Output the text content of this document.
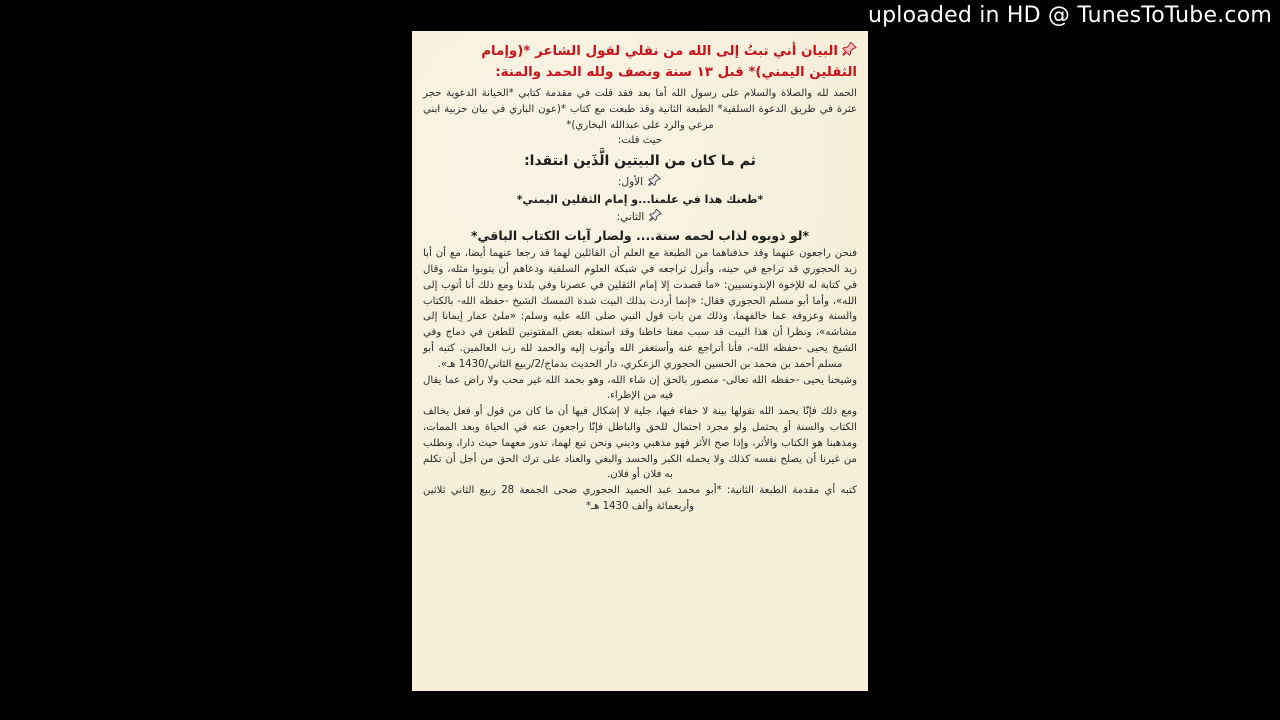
uploaded in HD @ TunesToTube.com
البيان أني تبتُ إلى الله من نقلي لقول الشاعر *(وإمام
الثقلين اليمني)* قبل ١٣ سنة ونصف ولله الحمد والمنة:

الحمد لله والصلاة والسلام على رسول الله أما بعد فقد قلت في مقدمة كتابي *الخيانة الدعوية حجر عثرة في طريق الدعوة السلفية* الطبعة الثانية وقد طبعت مع كتاب *(عون الباري في بيان حزبية ابني مرعي والرد على عبدالله البخاري)*

حيث قلت:

ثم ما كان من البيتين الَّذَين انتقدا:
الأول:
*طعنك هذا في علمنا...و إمام الثقلين اليمني*
الثاني:
*لو ذوبوه لذاب لحمه سنة.... ولصار آيات الكتاب الباقي*

فنحن راجعون عنهما وقد حذفناهما من الطبعة مع العلم أن القائلين لهما قد رجعا عنهما أيضا، مع أن أبا زيد الحجوري قد تراجع في حينه، وأنزل تراجعه في شبكة العلوم السلفية ودعاهم أن يتوبوا مثله، وقال في كتابة له للإخوة الإندونسيين: «ما قصدت إلا إمام الثقلين في عصرنا وفي بلدنا ومع ذلك أنا أتوب إلى الله»، وأما أبو مسلم الحجوري فقال: «إنما أردت بذلك البيت شدة التمسك الشيخ -حفظه الله- بالكتاب والسنة وعزوفه عما خالفهما، وذلك من باب قول النبي صلى الله عليه وسلم: «ملئ عمار إيمانا إلى مشاشه»، ونظرا أن هذا البيت قد سبب معنا خاطنا وقد استغله بعض المفتونين للطعن في دماج وفي الشيخ يحيى -حفظه الله-، فأنا أتراجع عنه وأستغفر الله وأتوب إليه والحمد لله رب العالمين. كتبه أبو مسلم أحمد بن محمد بن الحسين الحجوري الزعكري، دار الحديث بدماج/2/ربيع الثاني/1430 هـ».

وشيخنا يحيى -حفظه الله تعالى- منصور بالحق إن شاء الله، وهو بحمد الله غير محب ولا راض عما يقال فيه من الإطراء.

ومع ذلك فإنّا بحمد الله نقولها بينة لا خفاء فيها، جلية لا إشكال فيها أن ما كان من قول أو فعل يخالف الكتاب والسنة أو يحتمل ولو مجرد احتمال للحق والباطل فإنّا راجعون عنه في الحياة وبعد الممات، ومذهبنا هو الكتاب والأثر، وإذا صح الأثر فهو مذهبي وديني ونحن تبع لهما، ندور معهما حيث دارا، ونطلب من غيرنا أن يصلح نفسه كذلك ولا يحمله الكبر والحسد والبغي والعناد على ترك الحق من أجل أن تكلم به فلان أو فلان.

كتبه أي مقدمة الطبعة الثانية: *أبو محمد عبد الحميد الحجوري ضحى الجمعة 28 ربيع الثاني ثلاثين وأربعمائة وألف 1430 هـ*
